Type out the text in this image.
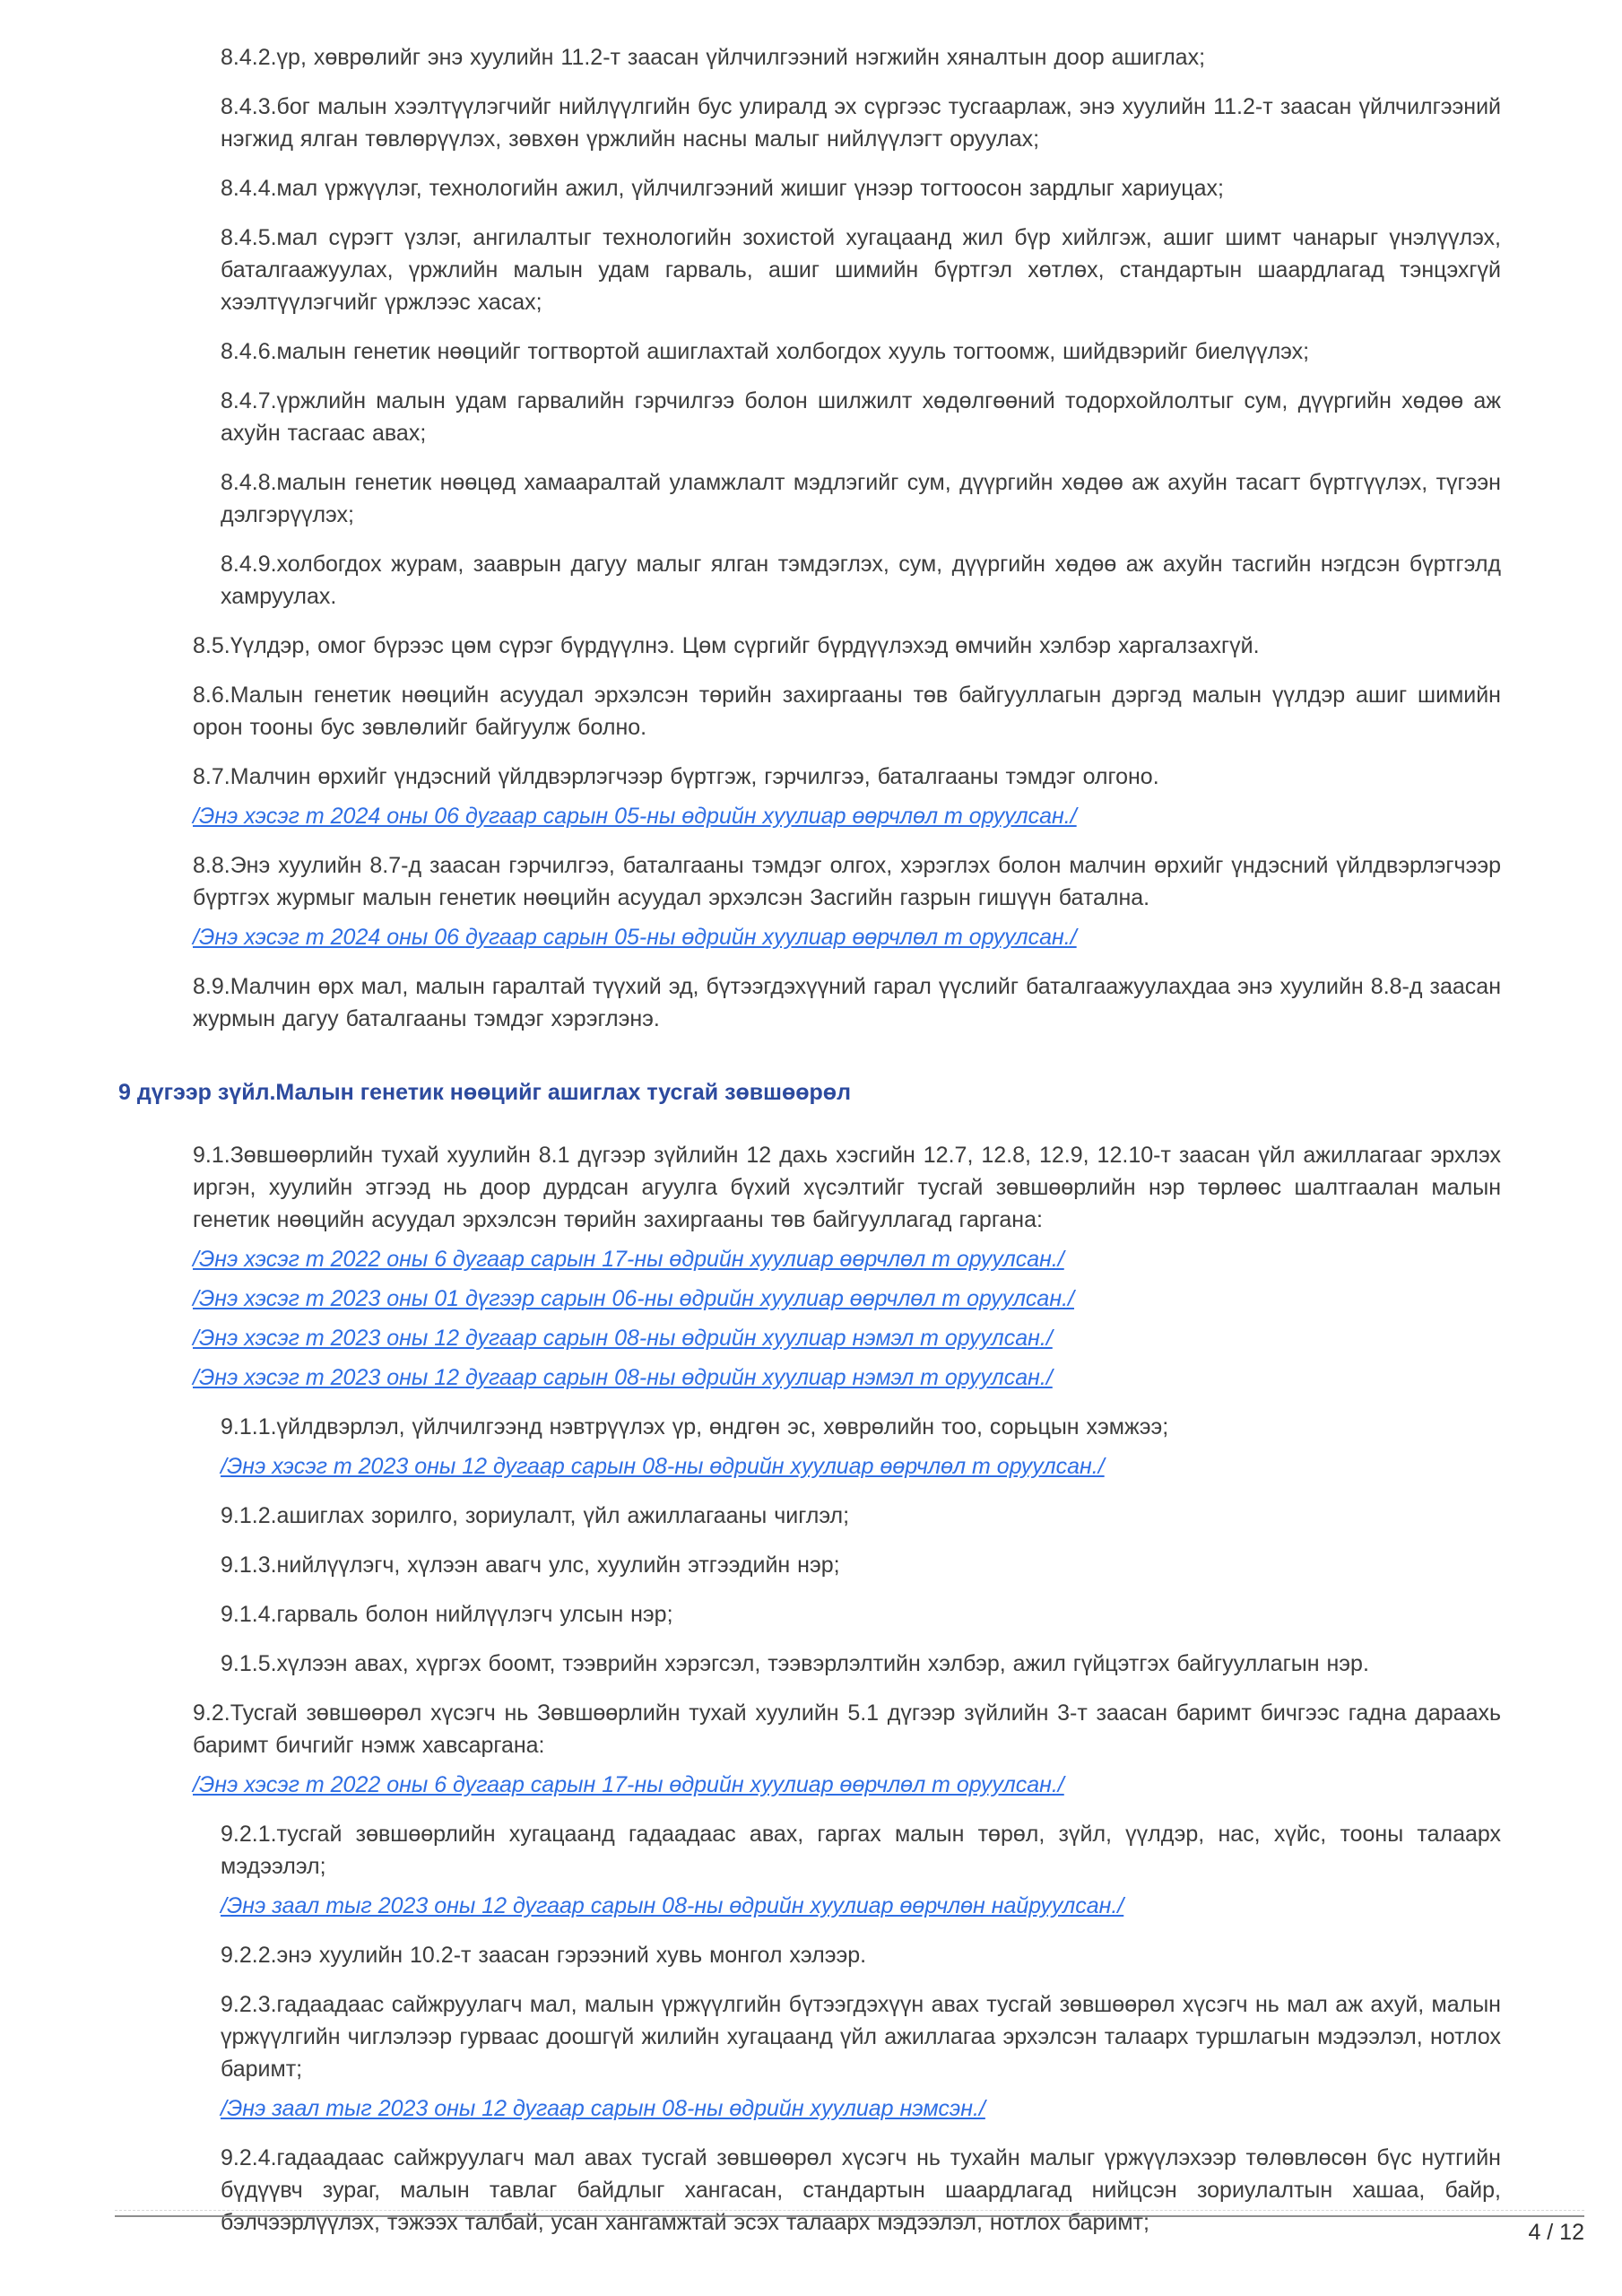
8.4.2.үр, хөврөлийг энэ хуулийн 11.2-т заасан үйлчилгээний нэгжийн хяналтын доор ашиглах;

8.4.3.бог малын хээлтүүлэгчийг нийлүүлгийн бус улиралд эх сүргээс тусгаарлаж, энэ хуулийн 11.2-т заасан үйлчилгээний нэгжид ялган төвлөрүүлэх, зөвхөн үржлийн насны малыг нийлүүлэгт оруулах;

8.4.4.мал үржүүлэг, технологийн ажил, үйлчилгээний жишиг үнээр тогтоосон зардлыг хариуцах;

8.4.5.мал сүрэгт үзлэг, ангилалтыг технологийн зохистой хугацаанд жил бүр хийлгэж, ашиг шимт чанарыг үнэлүүлэх, баталгаажуулах, үржлийн малын удам гарваль, ашиг шимийн бүртгэл хөтлөх, стандартын шаардлагад тэнцэхгүй хээлтүүлэгчийг үржлээс хасах;

8.4.6.малын генетик нөөцийг тогтвортой ашиглахтай холбогдох хууль тогтоомж, шийдвэрийг биелүүлэх;

8.4.7.үржлийн малын удам гарвалийн гэрчилгээ болон шилжилт хөдөлгөөний тодорхойлолтыг сум, дүүргийн хөдөө аж ахуйн тасгаас авах;

8.4.8.малын генетик нөөцөд хамааралтай уламжлалт мэдлэгийг сум, дүүргийн хөдөө аж ахуйн тасагт бүртгүүлэх, түгээн дэлгэрүүлэх;

8.4.9.холбогдох журам, зааврын дагуу малыг ялган тэмдэглэх, сум, дүүргийн хөдөө аж ахуйн тасгийн нэгдсэн бүртгэлд хамруулах.

8.5.Үүлдэр, омог бүрээс цөм сүрэг бүрдүүлнэ. Цөм сүргийг бүрдүүлэхэд өмчийн хэлбэр харгалзахгүй.

8.6.Малын генетик нөөцийн асуудал эрхэлсэн төрийн захиргааны төв байгууллагын дэргэд малын үүлдэр ашиг шимийн орон тооны бус зөвлөлийг байгуулж болно.

8.7.Малчин өрхийг үндэсний үйлдвэрлэгчээр бүртгэж, гэрчилгээ, баталгааны тэмдэг олгоно.

/Энэ хэсэг т 2024 оны 06 дугаар сарын 05-ны өдрийн хуулиар өөрчлөл т оруулсан./

8.8.Энэ хуулийн 8.7-д заасан гэрчилгээ, баталгааны тэмдэг олгох, хэрэглэх болон малчин өрхийг үндэсний үйлдвэрлэгчээр бүртгэх журмыг малын генетик нөөцийн асуудал эрхэлсэн Засгийн газрын гишүүн батална.

/Энэ хэсэг т 2024 оны 06 дугаар сарын 05-ны өдрийн хуулиар өөрчлөл т оруулсан./

8.9.Малчин өрх мал, малын гаралтай түүхий эд, бүтээгдэхүүний гарал үүслийг баталгаажуулахдаа энэ хуулийн 8.8-д заасан журмын дагуу баталгааны тэмдэг хэрэглэнэ.

9 дүгээр зүйл.Малын генетик нөөцийг ашиглах тусгай зөвшөөрөл

9.1.Зөвшөөрлийн тухай хуулийн 8.1 дүгээр зүйлийн 12 дахь хэсгийн 12.7, 12.8, 12.9, 12.10-т заасан үйл ажиллагааг эрхлэх иргэн, хуулийн этгээд нь доор дурдсан агуулга бүхий хүсэлтийг тусгай зөвшөөрлийн нэр төрлөөс шалтгаалан малын генетик нөөцийн асуудал эрхэлсэн төрийн захиргааны төв байгууллагад гаргана:

/Энэ хэсэг т 2022 оны 6 дугаар сарын 17-ны өдрийн хуулиар өөрчлөл т оруулсан./

/Энэ хэсэг т 2023 оны 01 дүгээр сарын 06-ны өдрийн хуулиар өөрчлөл т оруулсан./

/Энэ хэсэг т 2023 оны 12 дугаар сарын 08-ны өдрийн хуулиар нэмэл т оруулсан./

/Энэ хэсэг т 2023 оны 12 дугаар сарын 08-ны өдрийн хуулиар нэмэл т оруулсан./

9.1.1.үйлдвэрлэл, үйлчилгээнд нэвтрүүлэх үр, өндгөн эс, хөврөлийн тоо, сорьцын хэмжээ;

/Энэ хэсэг т 2023 оны 12 дугаар сарын 08-ны өдрийн хуулиар өөрчлөл т оруулсан./

9.1.2.ашиглах зорилго, зориулалт, үйл ажиллагааны чиглэл;

9.1.3.нийлүүлэгч, хүлээн авагч улс, хуулийн этгээдийн нэр;

9.1.4.гарваль болон нийлүүлэгч улсын нэр;

9.1.5.хүлээн авах, хүргэх боомт, тээврийн хэрэгсэл, тээвэрлэлтийн хэлбэр, ажил гүйцэтгэх байгууллагын нэр.

9.2.Тусгай зөвшөөрөл хүсэгч нь Зөвшөөрлийн тухай хуулийн 5.1 дүгээр зүйлийн 3-т заасан баримт бичгээс гадна дараахь баримт бичгийг нэмж хавсаргана:

/Энэ хэсэг т 2022 оны 6 дугаар сарын 17-ны өдрийн хуулиар өөрчлөл т оруулсан./

9.2.1.тусгай зөвшөөрлийн хугацаанд гадаадаас авах, гаргах малын төрөл, зүйл, үүлдэр, нас, хүйс, тооны талаарх мэдээлэл;

/Энэ заал тыг 2023 оны 12 дугаар сарын 08-ны өдрийн хуулиар өөрчлөн найруулсан./

9.2.2.энэ хуулийн 10.2-т заасан гэрээний хувь монгол хэлээр.

9.2.3.гадаадаас сайжруулагч мал, малын үржүүлгийн бүтээгдэхүүн авах тусгай зөвшөөрөл хүсэгч нь мал аж ахуй, малын үржүүлгийн чиглэлээр гурваас доошгүй жилийн хугацаанд үйл ажиллагаа эрхэлсэн талаарх туршлагын мэдээлэл, нотлох баримт;

/Энэ заал тыг 2023 оны 12 дугаар сарын 08-ны өдрийн хуулиар нэмсэн./

9.2.4.гадаадаас сайжруулагч мал авах тусгай зөвшөөрөл хүсэгч нь тухайн малыг үржүүлэхээр төлөвлөсөн бүс нутгийн бүдүүвч зураг, малын тавлаг байдлыг хангасан, стандартын шаардлагад нийцсэн зориулалтын хашаа, байр, бэлчээрлүүлэх, тэжээх талбай, усан хангамжтай эсэх талаарх мэдээлэл, нотлох баримт;	4 / 12
